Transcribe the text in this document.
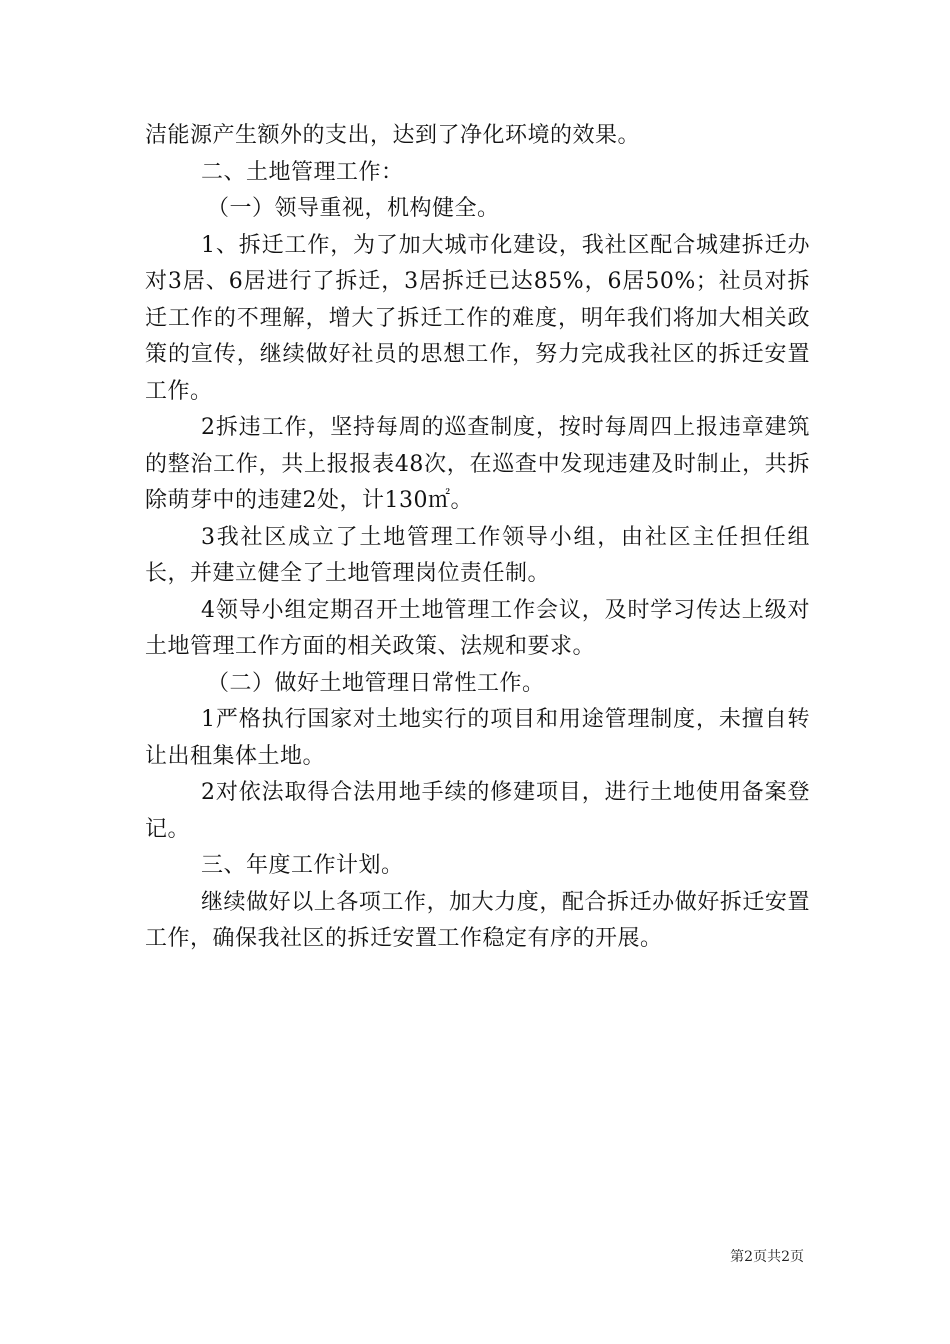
洁能源产生额外的支出，达到了净化环境的效果。

二、土地管理工作：

（一）领导重视，机构健全。

1、拆迁工作，为了加大城市化建设，我社区配合城建拆迁办对3居、6居进行了拆迁，3居拆迁已达85%，6居50%；社员对拆迁工作的不理解，增大了拆迁工作的难度，明年我们将加大相关政策的宣传，继续做好社员的思想工作，努力完成我社区的拆迁安置工作。

2拆违工作，坚持每周的巡查制度，按时每周四上报违章建筑的整治工作，共上报报表48次，在巡查中发现违建及时制止，共拆除萌芽中的违建2处，计130㎡。

3我社区成立了土地管理工作领导小组，由社区主任担任组长，并建立健全了土地管理岗位责任制。

4领导小组定期召开土地管理工作会议，及时学习传达上级对土地管理工作方面的相关政策、法规和要求。

（二）做好土地管理日常性工作。

1严格执行国家对土地实行的项目和用途管理制度，未擅自转让出租集体土地。

2对依法取得合法用地手续的修建项目，进行土地使用备案登记。

三、年度工作计划。

继续做好以上各项工作，加大力度，配合拆迁办做好拆迁安置工作，确保我社区的拆迁安置工作稳定有序的开展。

第2页共2页
